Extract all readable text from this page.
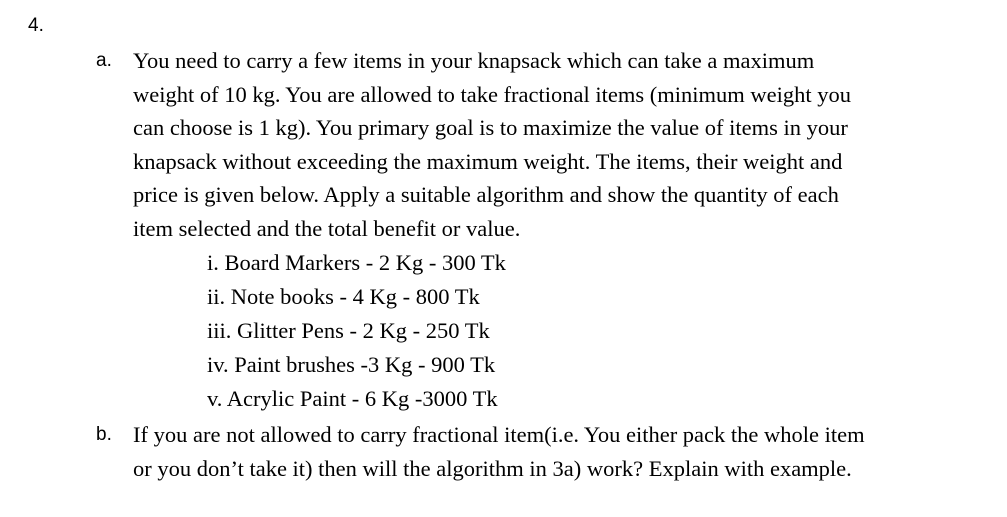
4.
a. You need to carry a few items in your knapsack which can take a maximum
weight of 10 kg. You are allowed to take fractional items (minimum weight you
can choose is 1 kg). You primary goal is to maximize the value of items in your
knapsack without exceeding the maximum weight. The items, their weight and
price is given below. Apply a suitable algorithm and show the quantity of each
item selected and the total benefit or value.
i. Board Markers - 2 Kg - 300 Tk
ii. Note books - 4 Kg - 800 Tk
iii. Glitter Pens - 2 Kg - 250 Tk
iv. Paint brushes -3 Kg - 900 Tk
v. Acrylic Paint - 6 Kg -3000 Tk
b. If you are not allowed to carry fractional item(i.e. You either pack the whole item
or you don’t take it) then will the algorithm in 3a) work? Explain with example.
